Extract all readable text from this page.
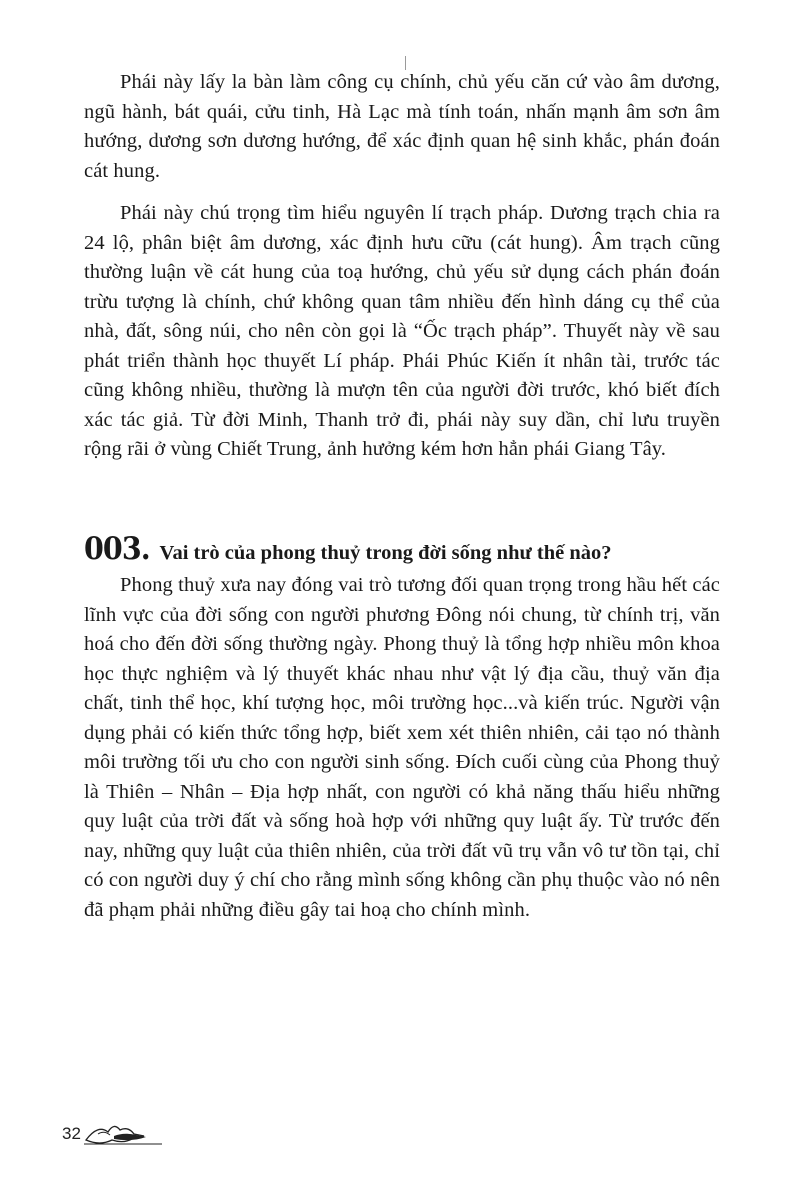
Phái này lấy la bàn làm công cụ chính, chủ yếu căn cứ vào âm dương, ngũ hành, bát quái, cửu tinh, Hà Lạc mà tính toán, nhấn mạnh âm sơn âm hướng, dương sơn dương hướng, để xác định quan hệ sinh khắc, phán đoán cát hung.

Phái này chú trọng tìm hiểu nguyên lí trạch pháp. Dương trạch chia ra 24 lộ, phân biệt âm dương, xác định hưu cữu (cát hung). Âm trạch cũng thường luận về cát hung của toạ hướng, chủ yếu sử dụng cách phán đoán trừu tượng là chính, chứ không quan tâm nhiều đến hình dáng cụ thể của nhà, đất, sông núi, cho nên còn gọi là “Ốc trạch pháp”. Thuyết này về sau phát triển thành học thuyết Lí pháp. Phái Phúc Kiến ít nhân tài, trước tác cũng không nhiều, thường là mượn tên của người đời trước, khó biết đích xác tác giả. Từ đời Minh, Thanh trở đi, phái này suy dần, chỉ lưu truyền rộng rãi ở vùng Chiết Trung, ảnh hưởng kém hơn hẳn phái Giang Tây.

003. Vai trò của phong thuỷ trong đời sống như thế nào?

Phong thuỷ xưa nay đóng vai trò tương đối quan trọng trong hầu hết các lĩnh vực của đời sống con người phương Đông nói chung, từ chính trị, văn hoá cho đến đời sống thường ngày. Phong thuỷ là tổng hợp nhiều môn khoa học thực nghiệm và lý thuyết khác nhau như vật lý địa cầu, thuỷ văn địa chất, tinh thể học, khí tượng học, môi trường học...và kiến trúc. Người vận dụng phải có kiến thức tổng hợp, biết xem xét thiên nhiên, cải tạo nó thành môi trường tối ưu cho con người sinh sống. Đích cuối cùng của Phong thuỷ là Thiên – Nhân – Địa hợp nhất, con người có khả năng thấu hiểu những quy luật của trời đất và sống hoà hợp với những quy luật ấy. Từ trước đến nay, những quy luật của thiên nhiên, của trời đất vũ trụ vẫn vô tư tồn tại, chỉ có con người duy ý chí cho rằng mình sống không cần phụ thuộc vào nó nên đã phạm phải những điều gây tai hoạ cho chính mình.

32
